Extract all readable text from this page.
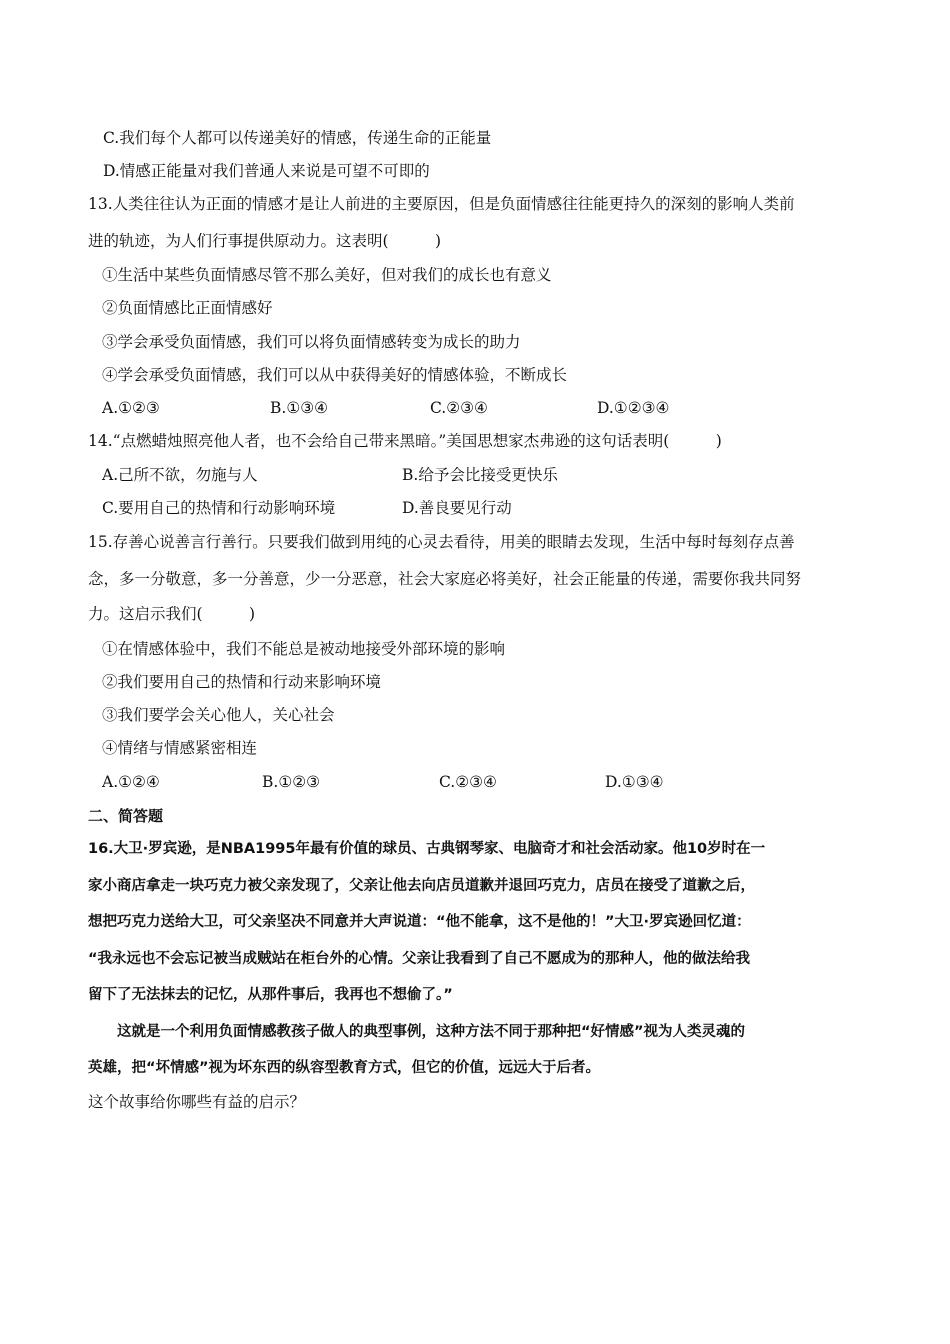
C.我们每个人都可以传递美好的情感，传递生命的正能量
D.情感正能量对我们普通人来说是可望不可即的
13.人类往往认为正面的情感才是让人前进的主要原因，但是负面情感往往能更持久的深刻的影响人类前
进的轨迹，为人们行事提供原动力。这表明(　　　)
①生活中某些负面情感尽管不那么美好，但对我们的成长也有意义
②负面情感比正面情感好
③学会承受负面情感，我们可以将负面情感转变为成长的助力
④学会承受负面情感，我们可以从中获得美好的情感体验，不断成长
A.①②③	B.①③④	C.②③④	D.①②③④
14.“点燃蜡烛照亮他人者，也不会给自己带来黑暗。”美国思想家杰弗逊的这句话表明(　　　)
A.己所不欲，勿施与人	B.给予会比接受更快乐
C.要用自己的热情和行动影响环境	D.善良要见行动
15.存善心说善言行善行。只要我们做到用纯的心灵去看待，用美的眼睛去发现，生活中每时每刻存点善
念，多一分敬意，多一分善意，少一分恶意，社会大家庭必将美好，社会正能量的传递，需要你我共同努
力。这启示我们(　　　)
①在情感体验中，我们不能总是被动地接受外部环境的影响
②我们要用自己的热情和行动来影响环境
③我们要学会关心他人，关心社会
④情绪与情感紧密相连
A.①②④	B.①②③	C.②③④	D.①③④
二、简答题
16.大卫·罗宾逊，是NBA1995年最有价值的球员、古典钢琴家、电脑奇才和社会活动家。他10岁时在一
家小商店拿走一块巧克力被父亲发现了，父亲让他去向店员道歉并退回巧克力，店员在接受了道歉之后，
想把巧克力送给大卫，可父亲坚决不同意并大声说道：“他不能拿，这不是他的！”大卫·罗宾逊回忆道：
“我永远也不会忘记被当成贼站在柜台外的心情。父亲让我看到了自己不愿成为的那种人，他的做法给我
留下了无法抹去的记忆，从那件事后，我再也不想偷了。”
　　这就是一个利用负面情感教孩子做人的典型事例，这种方法不同于那种把“好情感”视为人类灵魂的
英雄，把“坏情感”视为坏东西的纵容型教育方式，但它的价值，远远大于后者。
这个故事给你哪些有益的启示？
